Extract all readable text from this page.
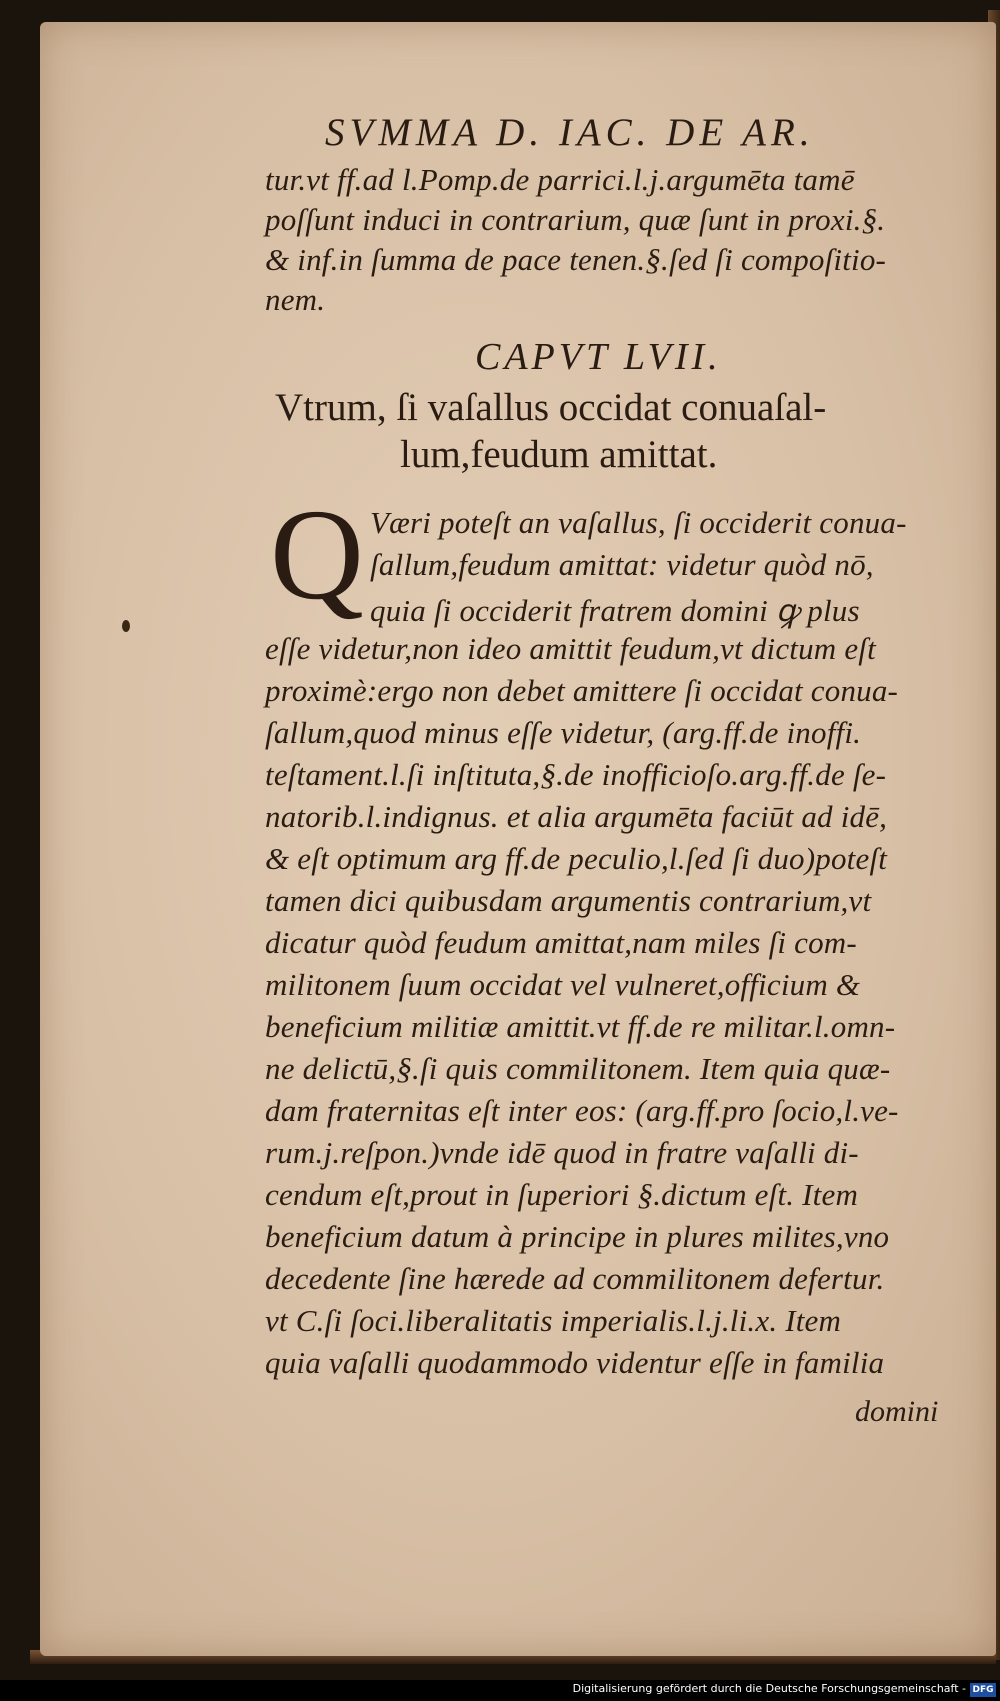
SVMMA D. IAC. DE AR.
tur.vt ff.ad l.Pomp.de parrici.l.j.argumēta tamē
poſſunt induci in contrarium, quæ ſunt in proxi.§.
& inf.in ſumma de pace tenen.§.ſed ſi compoſitio-
nem.
CAPVT LVII.
Vtrum, ſi vaſallus occidat conuaſal-
lum,feudum amittat.
Q Væri poteſt an vaſallus, ſi occiderit conua-
ſallum,feudum amittat: videtur quòd nō,
quia ſi occiderit fratrem domini ꝙ plus
eſſe videtur,non ideo amittit feudum,vt dictum eſt
proximè:ergo non debet amittere ſi occidat conua-
ſallum,quod minus eſſe videtur, (arg.ff.de inoffi.
teſtament.l.ſi inſtituta,§.de inofficioſo.arg.ff.de ſe-
natorib.l.indignus. et alia argumēta faciūt ad idē,
& eſt optimum arg ff.de peculio,l.ſed ſi duo)poteſt
tamen dici quibusdam argumentis contrarium,vt
dicatur quòd feudum amittat,nam miles ſi com-
militonem ſuum occidat vel vulneret,officium &
beneficium militiæ amittit.vt ff.de re militar.l.omn-
ne delictū,§.ſi quis commilitonem. Item quia quæ-
dam fraternitas eſt inter eos: (arg.ff.pro ſocio,l.ve-
rum.j.reſpon.)vnde idē quod in fratre vaſalli di-
cendum eſt,prout in ſuperiori §.dictum eſt. Item
beneficium datum à principe in plures milites,vno
decedente ſine hærede ad commilitonem defertur.
vt C.ſi ſoci.liberalitatis imperialis.l.j.li.x. Item
quia vaſalli quodammodo videntur eſſe in familia
domini
Digitalisierung gefördert durch die Deutsche Forschungsgemeinschaft - DFG
